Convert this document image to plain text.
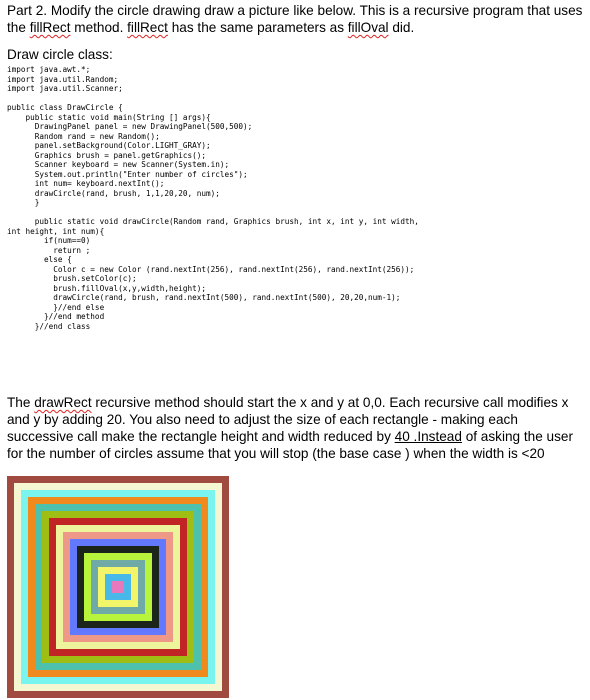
Part 2. Modify the circle drawing draw a picture like below. This is a recursive program that uses the fillRect method. fillRect has the same parameters as fillOval did.

Draw circle class:

import java.awt.*;
import java.util.Random;
import java.util.Scanner;

public class DrawCircle {
public static void main(String [] args){
DrawingPanel panel = new DrawingPanel(500,500);
Random rand = new Random();
panel.setBackground(Color.LIGHT_GRAY);
Graphics brush = panel.getGraphics();
Scanner keyboard = new Scanner(System.in);
System.out.println("Enter number of circles");
int num= keyboard.nextInt();
drawCircle(rand, brush, 1,1,20,20, num);
}

public static void drawCircle(Random rand, Graphics brush, int x, int y, int width,
int height, int num){
if(num==0)
return ;
else {
Color c = new Color (rand.nextInt(256), rand.nextInt(256), rand.nextInt(256));
brush.setColor(c);
brush.fillOval(x,y,width,height);
drawCircle(rand, brush, rand.nextInt(500), rand.nextInt(500), 20,20,num-1);
}//end else
}//end method
}//end class

The drawRect recursive method should start the x and y at 0,0. Each recursive call modifies x and y by adding 20. You also need to adjust the size of each rectangle - making each successive call make the rectangle height and width reduced by 40 .Instead of asking the user for the number of circles assume that you will stop (the base case ) when the width is <20
